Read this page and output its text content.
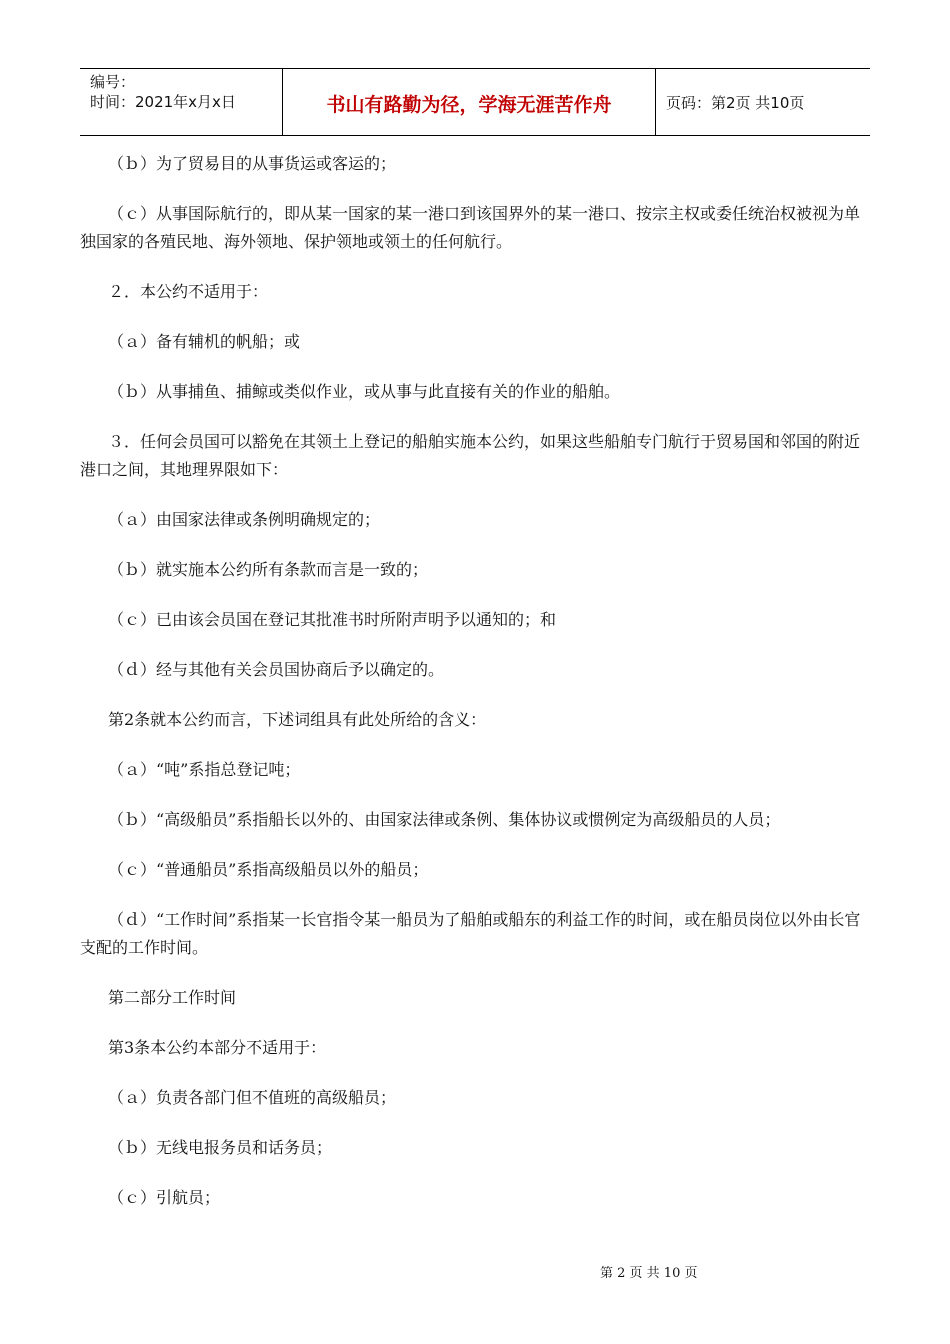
编号：
时间：2021年x月x日	书山有路勤为径，学海无涯苦作舟	页码：第2页 共10页

（ｂ）为了贸易目的从事货运或客运的；

（ｃ）从事国际航行的，即从某一国家的某一港口到该国界外的某一港口、按宗主权或委任统治权被视为单独国家的各殖民地、海外领地、保护领地或领土的任何航行。

２．本公约不适用于：

（ａ）备有辅机的帆船；或

（ｂ）从事捕鱼、捕鲸或类似作业，或从事与此直接有关的作业的船舶。

３．任何会员国可以豁免在其领土上登记的船舶实施本公约，如果这些船舶专门航行于贸易国和邻国的附近港口之间，其地理界限如下：

（ａ）由国家法律或条例明确规定的；

（ｂ）就实施本公约所有条款而言是一致的；

（ｃ）已由该会员国在登记其批准书时所附声明予以通知的；和

（ｄ）经与其他有关会员国协商后予以确定的。

第2条就本公约而言，下述词组具有此处所给的含义：

（ａ）“吨”系指总登记吨；

（ｂ）“高级船员”系指船长以外的、由国家法律或条例、集体协议或惯例定为高级船员的人员；

（ｃ）“普通船员”系指高级船员以外的船员；

（ｄ）“工作时间”系指某一长官指令某一船员为了船舶或船东的利益工作的时间，或在船员岗位以外由长官支配的工作时间。

第二部分工作时间

第3条本公约本部分不适用于：

（ａ）负责各部门但不值班的高级船员；

（ｂ）无线电报务员和话务员；

（ｃ）引航员；

第 2 页 共 10 页
